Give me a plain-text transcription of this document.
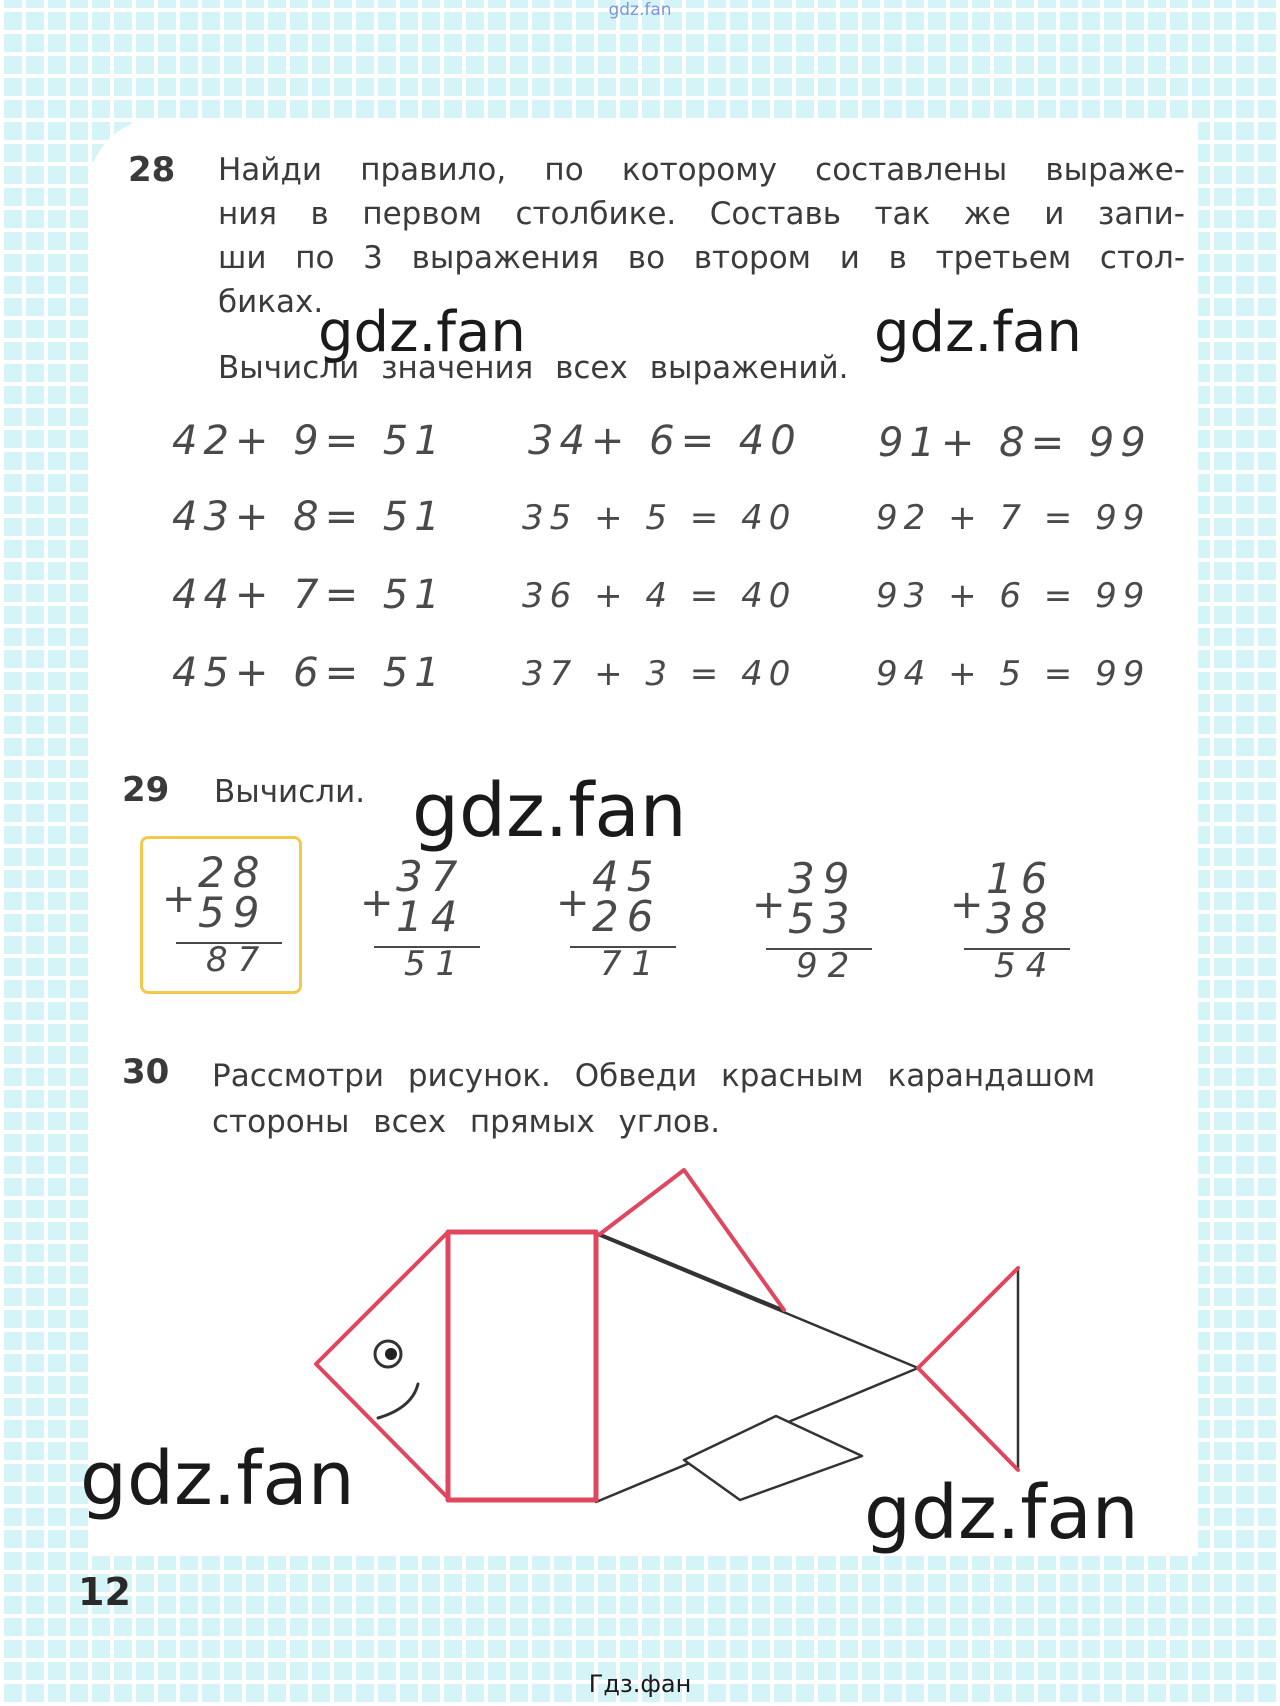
gdz.fan
28 Найди правило, по которому составлены выраже-
ния в первом столбике. Составь так же и запи-
ши по 3 выражения во втором и в третьем стол-
биках.
Вычисли значения всех выражений.
42+ 9= 51
43+ 8= 51
44+ 7= 51
45+ 6= 51
34+ 6= 40
35 + 5 = 40
36 + 4 = 40
37 + 3 = 40
91+ 8= 99
92 + 7 = 99
93 + 6 = 99
94 + 5 = 99
29 Вычисли.
+
28
59
87
+
37
14
51
+
45
26
71
+
39
53
92
+
16
38
54
30 Рассмотри рисунок. Обведи красным карандашом
стороны всех прямых углов.
gdz.fan	gdz.fan
gdz.fan
gdz.fan	gdz.fan
12
Гдз.фан
